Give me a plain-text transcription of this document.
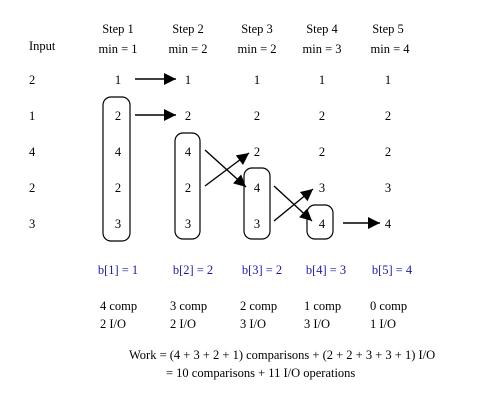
Input
2
1
4
2
3
Step 1
min = 1
1
2
4
2
3
b[1] = 1
4 comp
2 I/O
Step 2
min = 2
1
2
4
2
3
b[2] = 2
3 comp
2 I/O
Step 3
min = 2
1
2
2
4
3
b[3] = 2
2 comp
3 I/O
Step 4
min = 3
1
2
2
3
4
b[4] = 3
1 comp
3 I/O
Step 5
min = 4
1
2
2
3
4
b[5] = 4
0 comp
1 I/O
Work = (4 + 3 + 2 + 1) comparisons + (2 + 2 + 3 + 3 + 1) I/O
= 10 comparisons + 11 I/O operations
